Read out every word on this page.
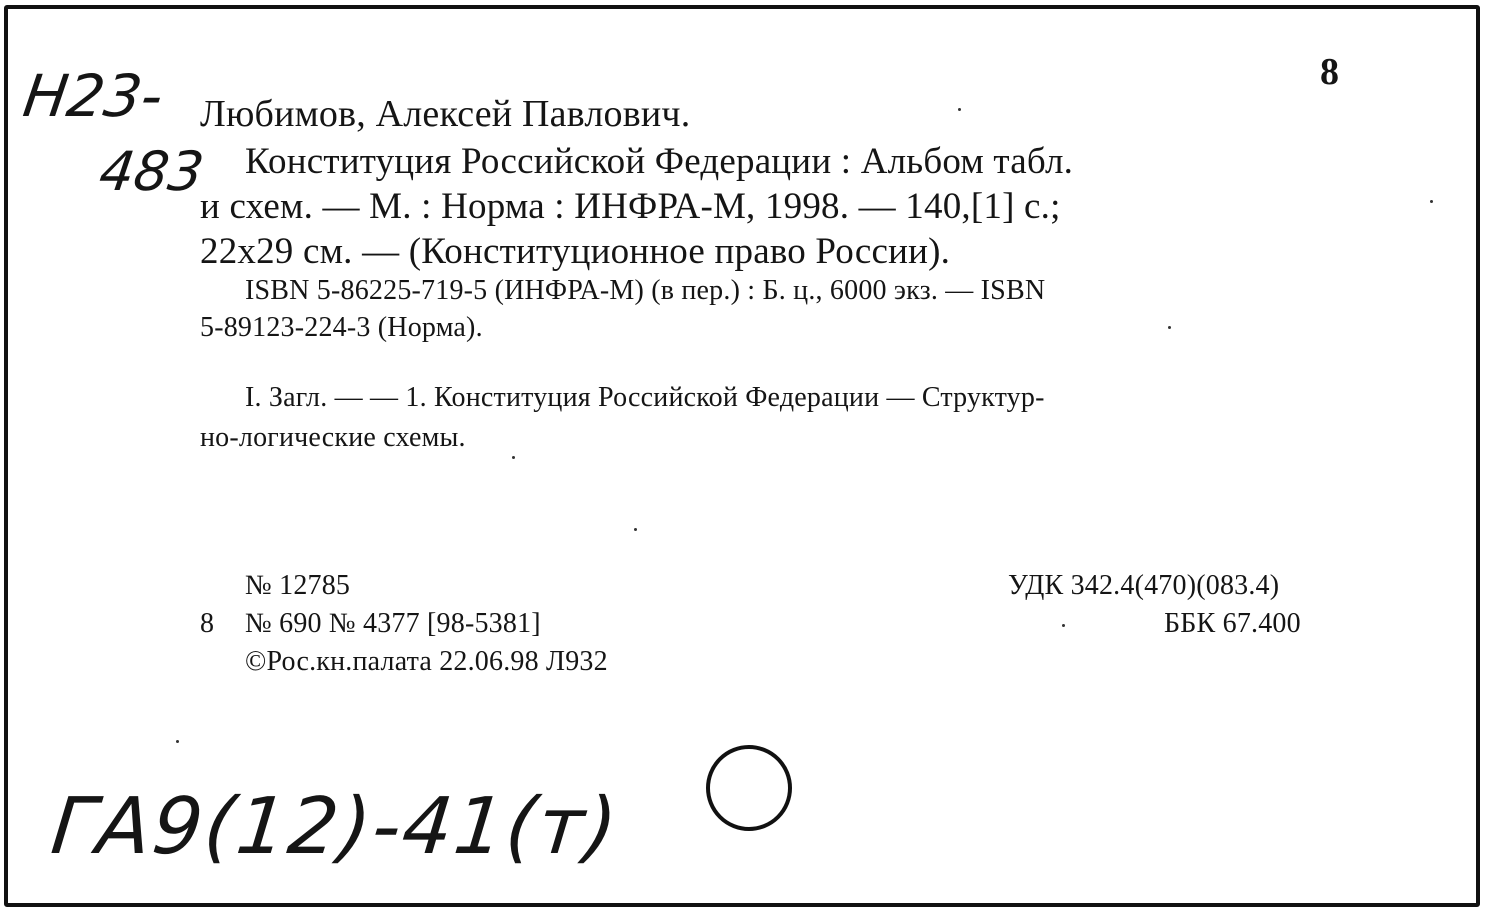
8
Н23-
483
Любимов, Алексей Павлович.
Конституция Российской Федерации : Альбом табл.
и схем. — М. : Норма : ИНФРА-М, 1998. — 140,[1] с.;
22х29 см. — (Конституционное право России).
ISBN 5-86225-719-5 (ИНФРА-М) (в пер.) : Б. ц., 6000 экз. — ISBN
5-89123-224-3 (Норма).
I. Загл. — — 1. Конституция Российской Федерации — Структур-
но-логические схемы.
№ 12785
8 № 690 № 4377 [98-5381]
©Рос.кн.палата 22.06.98 Л932
УДК 342.4(470)(083.4)
ББК 67.400
ГА9(12)-41(т)
